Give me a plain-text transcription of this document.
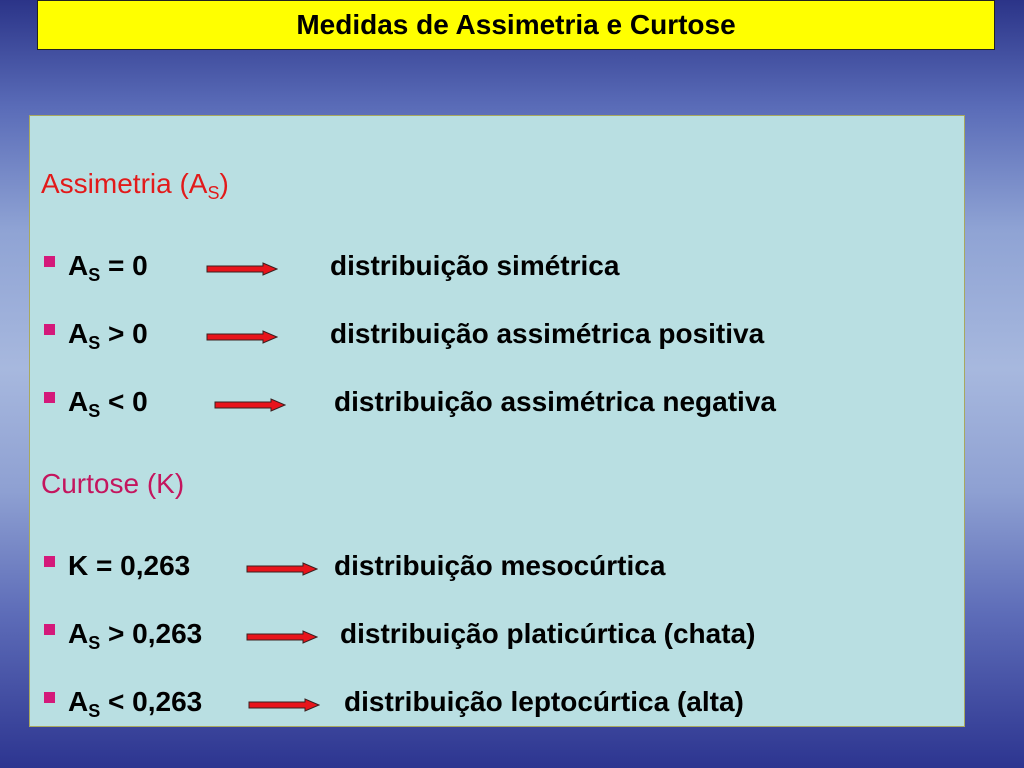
Medidas de Assimetria e Curtose
Assimetria $(A_S)$
$A_S = 0$	distribuição simétrica
$A_S > 0$	distribuição assimétrica positiva
$A_S < 0$	distribuição assimétrica negativa
Curtose (K)
K = 0,263	distribuição mesocúrtica
$A_S > 0,263$	distribuição platicúrtica (chata)
$A_S < 0,263$	distribuição leptocúrtica (alta)
